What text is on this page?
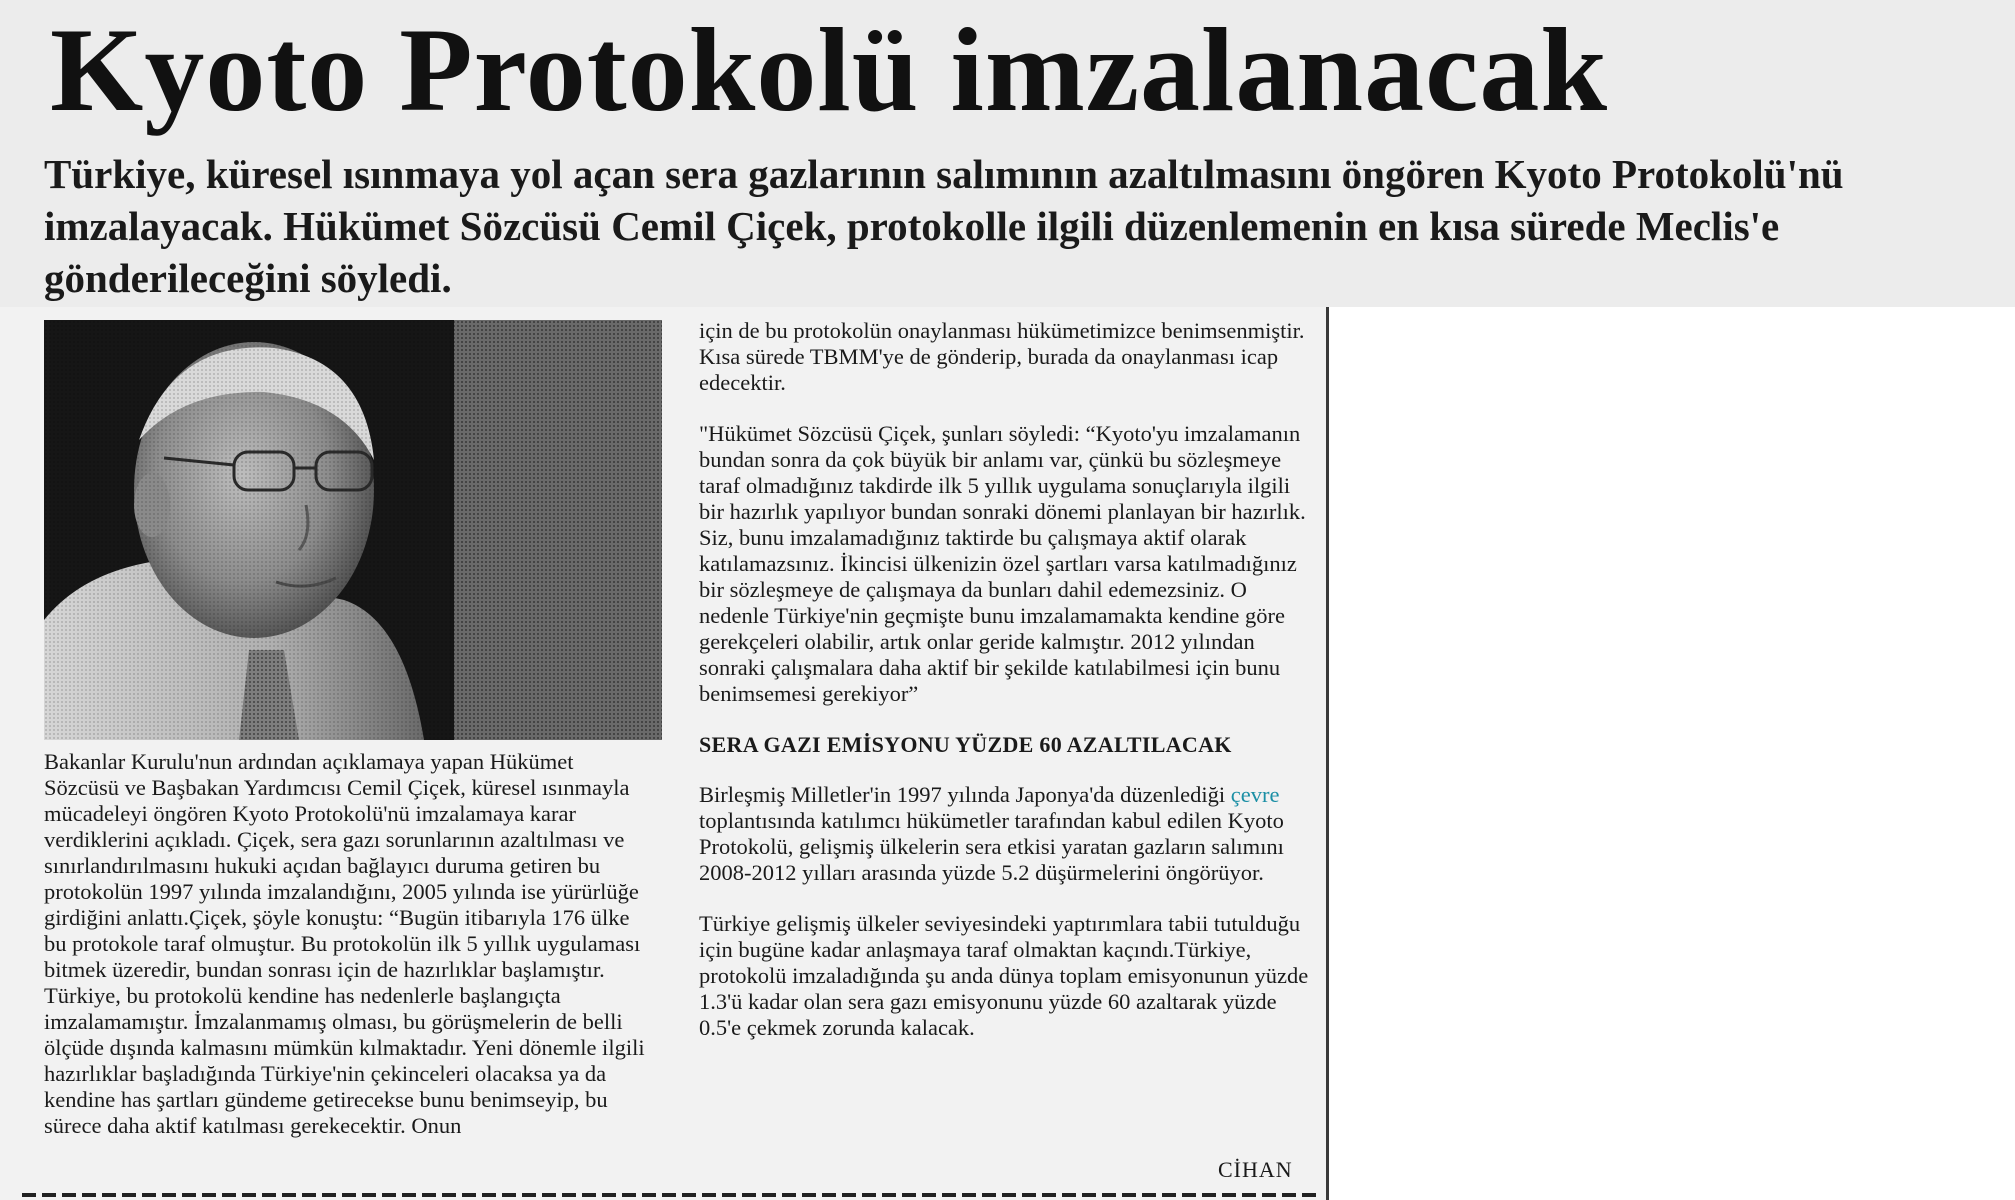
Kyoto Protokolü imzalanacak

Türkiye, küresel ısınmaya yol açan sera gazlarının salımının azaltılmasını öngören Kyoto Protokolü'nü imzalayacak. Hükümet Sözcüsü Cemil Çiçek, protokolle ilgili düzenlemenin en kısa sürede Meclis'e gönderileceğini söyledi.

Bakanlar Kurulu'nun ardından açıklamaya yapan Hükümet Sözcüsü ve Başbakan Yardımcısı Cemil Çiçek, küresel ısınmayla mücadeleyi öngören Kyoto Protokolü'nü imzalamaya karar verdiklerini açıkladı. Çiçek, sera gazı sorunlarının azaltılması ve sınırlandırılmasını hukuki açıdan bağlayıcı duruma getiren bu protokolün 1997 yılında imzalandığını, 2005 yılında ise yürürlüğe girdiğini anlattı.Çiçek, şöyle konuştu: “Bugün itibarıyla 176 ülke bu protokole taraf olmuştur. Bu protokolün ilk 5 yıllık uygulaması bitmek üzeredir, bundan sonrası için de hazırlıklar başlamıştır. Türkiye, bu protokolü kendine has nedenlerle başlangıçta imzalamamıştır. İmzalanmamış olması, bu görüşmelerin de belli ölçüde dışında kalmasını mümkün kılmaktadır. Yeni dönemle ilgili hazırlıklar başladığında Türkiye'nin çekinceleri olacaksa ya da kendine has şartları gündeme getirecekse bunu benimseyip, bu sürece daha aktif katılması gerekecektir. Onun

için de bu protokolün onaylanması hükümetimizce benimsenmiştir. Kısa sürede TBMM'ye de gönderip, burada da onaylanması icap edecektir.

"Hükümet Sözcüsü Çiçek, şunları söyledi: “Kyoto'yu imzalamanın bundan sonra da çok büyük bir anlamı var, çünkü bu sözleşmeye taraf olmadığınız takdirde ilk 5 yıllık uygulama sonuçlarıyla ilgili bir hazırlık yapılıyor bundan sonraki dönemi planlayan bir hazırlık. Siz, bunu imzalamadığınız taktirde bu çalışmaya aktif olarak katılamazsınız. İkincisi ülkenizin özel şartları varsa katılmadığınız bir sözleşmeye de çalışmaya da bunları dahil edemezsiniz. O nedenle Türkiye'nin geçmişte bunu imzalamamakta kendine göre gerekçeleri olabilir, artık onlar geride kalmıştır. 2012 yılından sonraki çalışmalara daha aktif bir şekilde katılabilmesi için bunu benimsemesi gerekiyor”

SERA GAZI EMİSYONU YÜZDE 60 AZALTILACAK

Birleşmiş Milletler'in 1997 yılında Japonya'da düzenlediği çevre toplantısında katılımcı hükümetler tarafından kabul edilen Kyoto Protokolü, gelişmiş ülkelerin sera etkisi yaratan gazların salımını 2008-2012 yılları arasında yüzde 5.2 düşürmelerini öngörüyor.

Türkiye gelişmiş ülkeler seviyesindeki yaptırımlara tabii tutulduğu için bugüne kadar anlaşmaya taraf olmaktan kaçındı.Türkiye, protokolü imzaladığında şu anda dünya toplam emisyonunun yüzde 1.3'ü kadar olan sera gazı emisyonunu yüzde 60 azaltarak yüzde 0.5'e çekmek zorunda kalacak.

CİHAN
